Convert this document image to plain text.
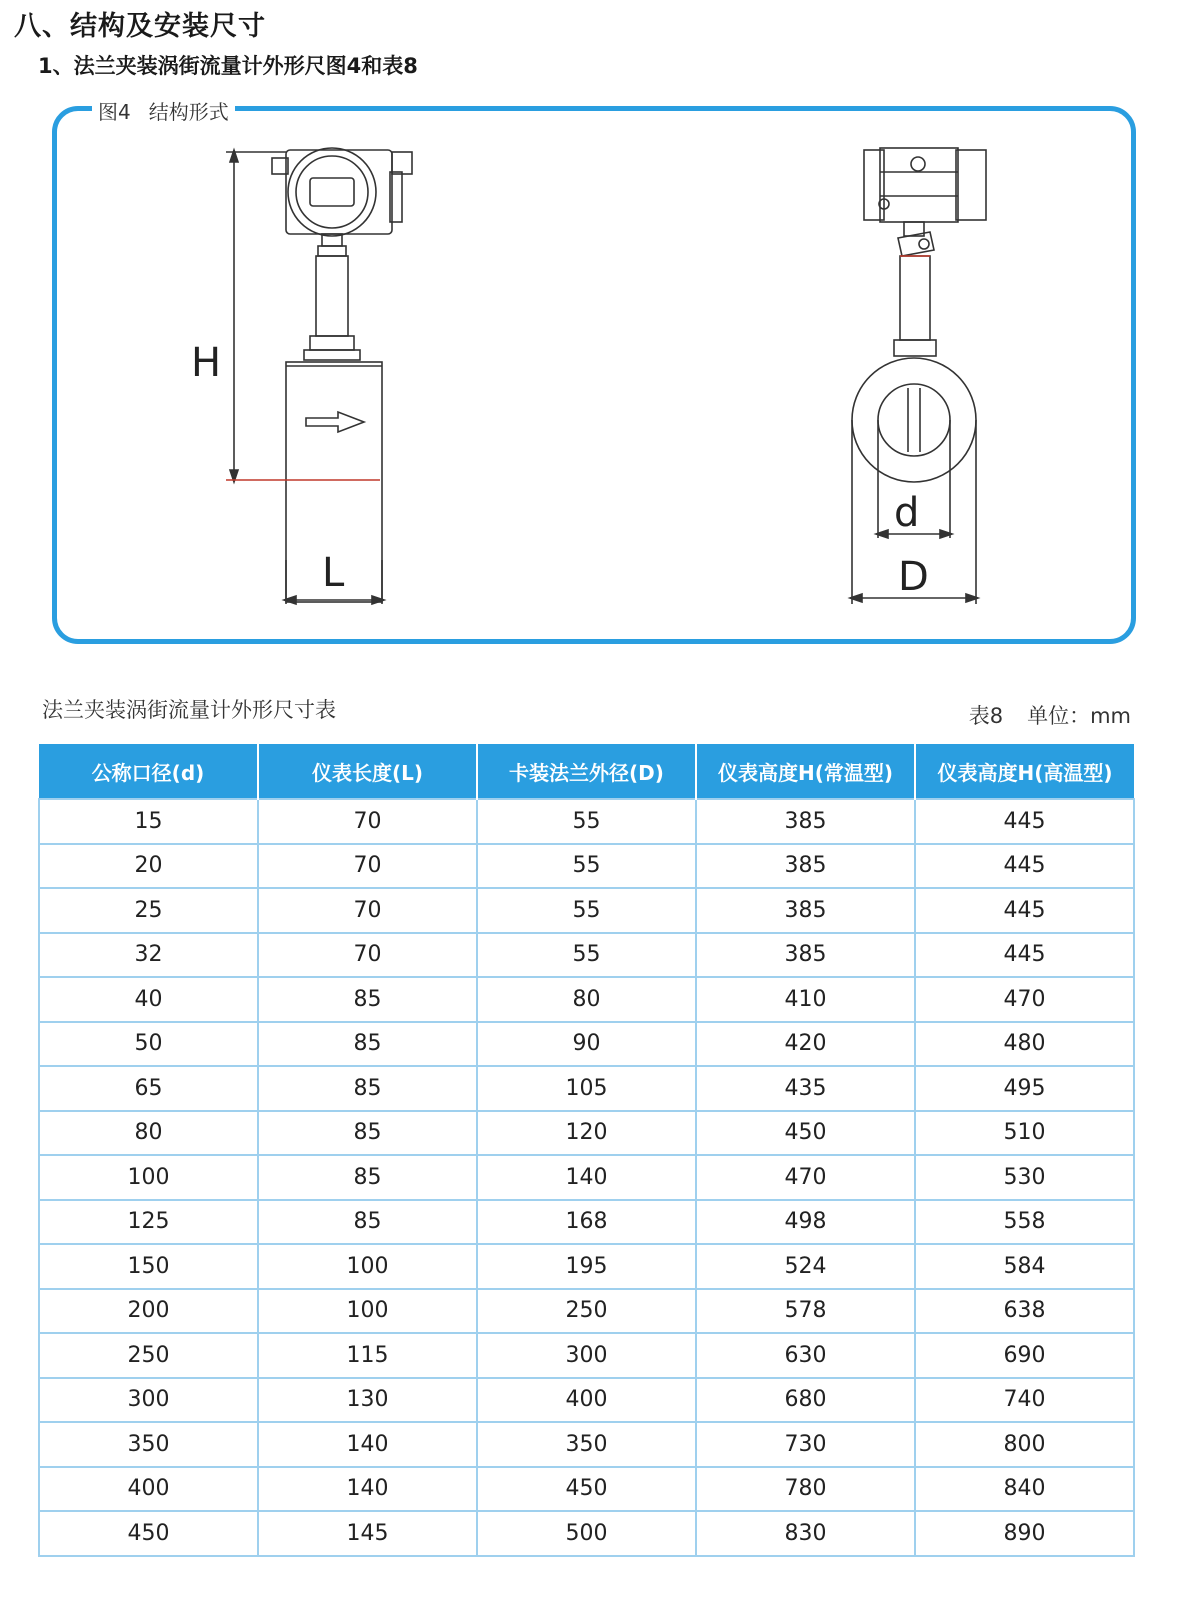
八、结构及安装尺寸
1、法兰夹装涡街流量计外形尺图4和表8
图4 结构形式
H
L
d
D
法兰夹装涡街流量计外形尺寸表	表8 单位：mm
公称口径(d)	仪表长度(L)	卡装法兰外径(D)	仪表高度H(常温型)	仪表高度H(高温型)
15	70	55	385	445
20	70	55	385	445
25	70	55	385	445
32	70	55	385	445
40	85	80	410	470
50	85	90	420	480
65	85	105	435	495
80	85	120	450	510
100	85	140	470	530
125	85	168	498	558
150	100	195	524	584
200	100	250	578	638
250	115	300	630	690
300	130	400	680	740
350	140	350	730	800
400	140	450	780	840
450	145	500	830	890
